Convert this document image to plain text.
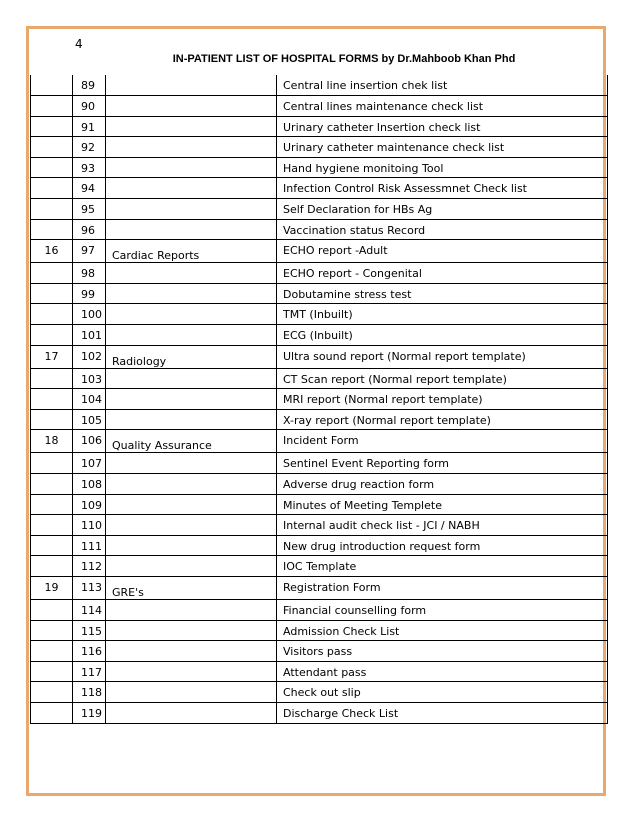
4
IN-PATIENT LIST OF HOSPITAL FORMS by Dr.Mahboob Khan Phd
	89		Central line insertion chek list
	90		Central lines maintenance check list
	91		Urinary catheter Insertion check list
	92		Urinary catheter maintenance check list
	93		Hand hygiene monitoing Tool
	94		Infection Control Risk Assessmnet Check list
	95		Self Declaration for HBs Ag
	96		Vaccination status Record
16	97	Cardiac Reports	ECHO report -Adult
	98		ECHO report - Congenital
	99		Dobutamine stress test
	100		TMT (Inbuilt)
	101		ECG (Inbuilt)
17	102	Radiology	Ultra sound report (Normal report template)
	103		CT Scan report (Normal report template)
	104		MRI report (Normal report template)
	105		X-ray report (Normal report template)
18	106	Quality Assurance	Incident Form
	107		Sentinel Event Reporting form
	108		Adverse drug reaction form
	109		Minutes of Meeting Templete
	110		Internal audit check list - JCI / NABH
	111		New drug introduction request form
	112		IOC Template
19	113	GRE's	Registration Form
	114		Financial counselling form
	115		Admission Check List
	116		Visitors pass
	117		Attendant pass
	118		Check out slip
	119		Discharge Check List
